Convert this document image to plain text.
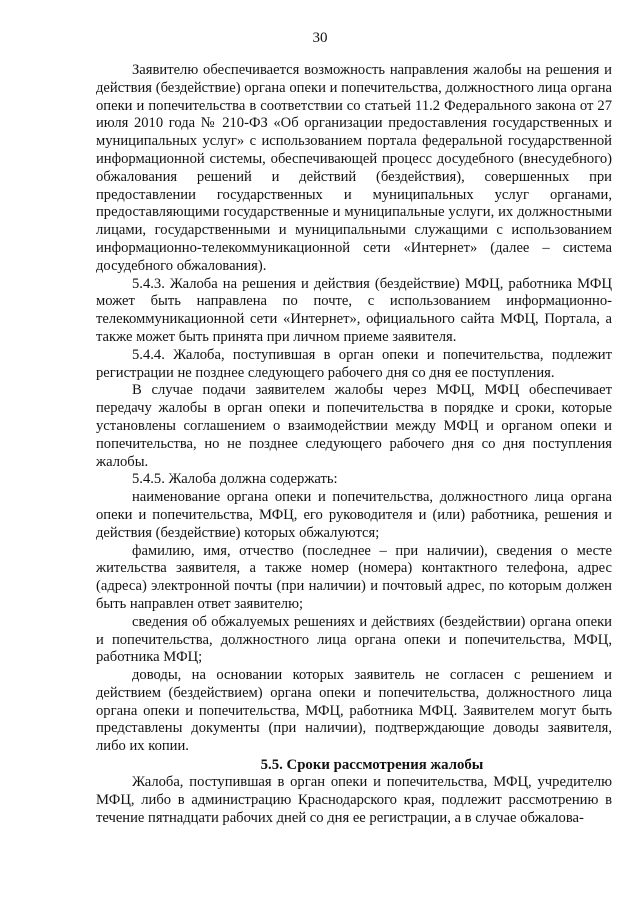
30

Заявителю обеспечивается возможность направления жалобы на решения и действия (бездействие) органа опеки и попечительства, должностного лица органа опеки и попечительства в соответствии со статьей 11.2 Федерального закона от 27 июля 2010 года № 210-ФЗ «Об организации предоставления государственных и муниципальных услуг» с использованием портала федеральной государственной информационной системы, обеспечивающей процесс досудебного (внесудебного) обжалования решений и действий (бездействия), совершенных при предоставлении государственных и муниципальных услуг органами, предоставляющими государственные и муниципальные услуги, их должностными лицами, государственными и муниципальными служащими с использованием информационно-телекоммуникационной сети «Интернет» (далее – система досудебного обжалования).

5.4.3. Жалоба на решения и действия (бездействие) МФЦ, работника МФЦ может быть направлена по почте, с использованием информационно-телекоммуникационной сети «Интернет», официального сайта МФЦ, Портала, а также может быть принята при личном приеме заявителя.

5.4.4. Жалоба, поступившая в орган опеки и попечительства, подлежит регистрации не позднее следующего рабочего дня со дня ее поступления.

В случае подачи заявителем жалобы через МФЦ, МФЦ обеспечивает передачу жалобы в орган опеки и попечительства в порядке и сроки, которые установлены соглашением о взаимодействии между МФЦ и органом опеки и попечительства, но не позднее следующего рабочего дня со дня поступления жалобы.

5.4.5. Жалоба должна содержать:

наименование органа опеки и попечительства, должностного лица органа опеки и попечительства, МФЦ, его руководителя и (или) работника, решения и действия (бездействие) которых обжалуются;

фамилию, имя, отчество (последнее – при наличии), сведения о месте жительства заявителя, а также номер (номера) контактного телефона, адрес (адреса) электронной почты (при наличии) и почтовый адрес, по которым должен быть направлен ответ заявителю;

сведения об обжалуемых решениях и действиях (бездействии) органа опеки и попечительства, должностного лица органа опеки и попечительства, МФЦ, работника МФЦ;

доводы, на основании которых заявитель не согласен с решением и действием (бездействием) органа опеки и попечительства, должностного лица органа опеки и попечительства, МФЦ, работника МФЦ. Заявителем могут быть представлены документы (при наличии), подтверждающие доводы заявителя, либо их копии.

5.5. Сроки рассмотрения жалобы

Жалоба, поступившая в орган опеки и попечительства, МФЦ, учредителю МФЦ, либо в администрацию Краснодарского края, подлежит рассмотрению в течение пятнадцати рабочих дней со дня ее регистрации, а в случае обжалова-
